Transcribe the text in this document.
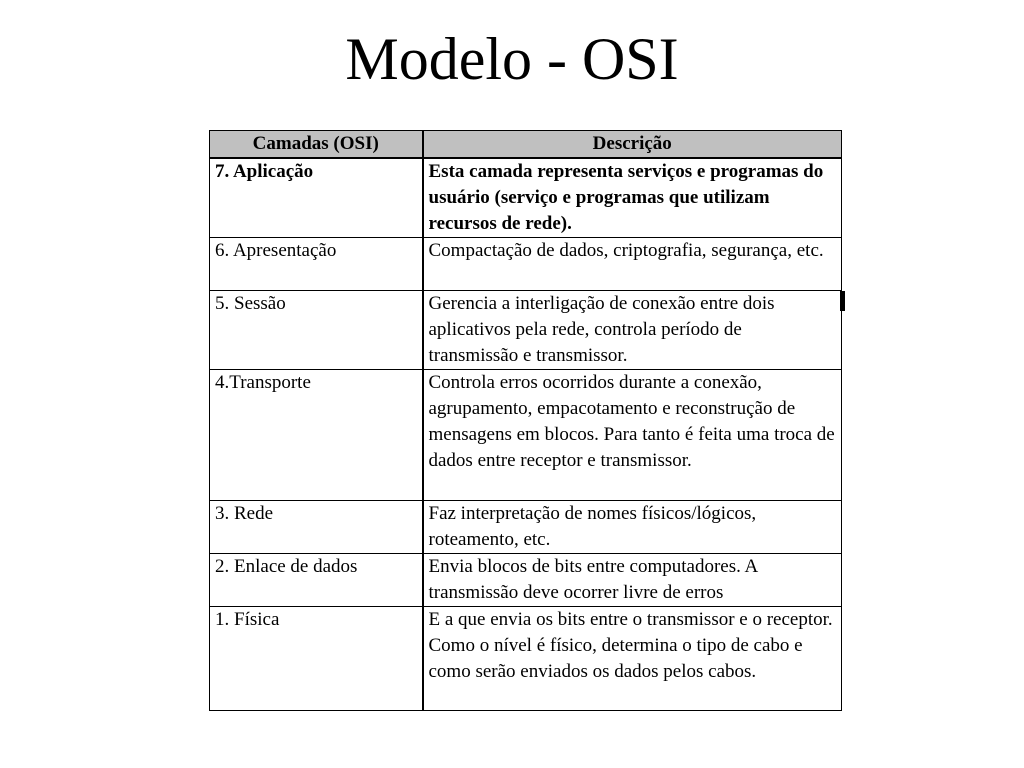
Modelo - OSI
Camadas (OSI)	Descrição
7. Aplicação	Esta camada representa serviços e programas do usuário (serviço e programas que utilizam recursos de rede).
6. Apresentação	Compactação de dados, criptografia, segurança, etc.
5. Sessão	Gerencia a interligação de conexão entre dois aplicativos pela rede, controla período de transmissão e transmissor.
4.Transporte	Controla erros ocorridos durante a conexão, agrupamento, empacotamento e reconstrução de mensagens em blocos. Para tanto é feita uma troca de dados entre receptor e transmissor.
3. Rede	Faz interpretação de nomes físicos/lógicos, roteamento, etc.
2. Enlace de dados	Envia blocos de bits entre computadores. A transmissão deve ocorrer livre de erros
1. Física	E a que envia os bits entre o transmissor e o receptor. Como o nível é físico, determina o tipo de cabo e como serão enviados os dados pelos cabos.
